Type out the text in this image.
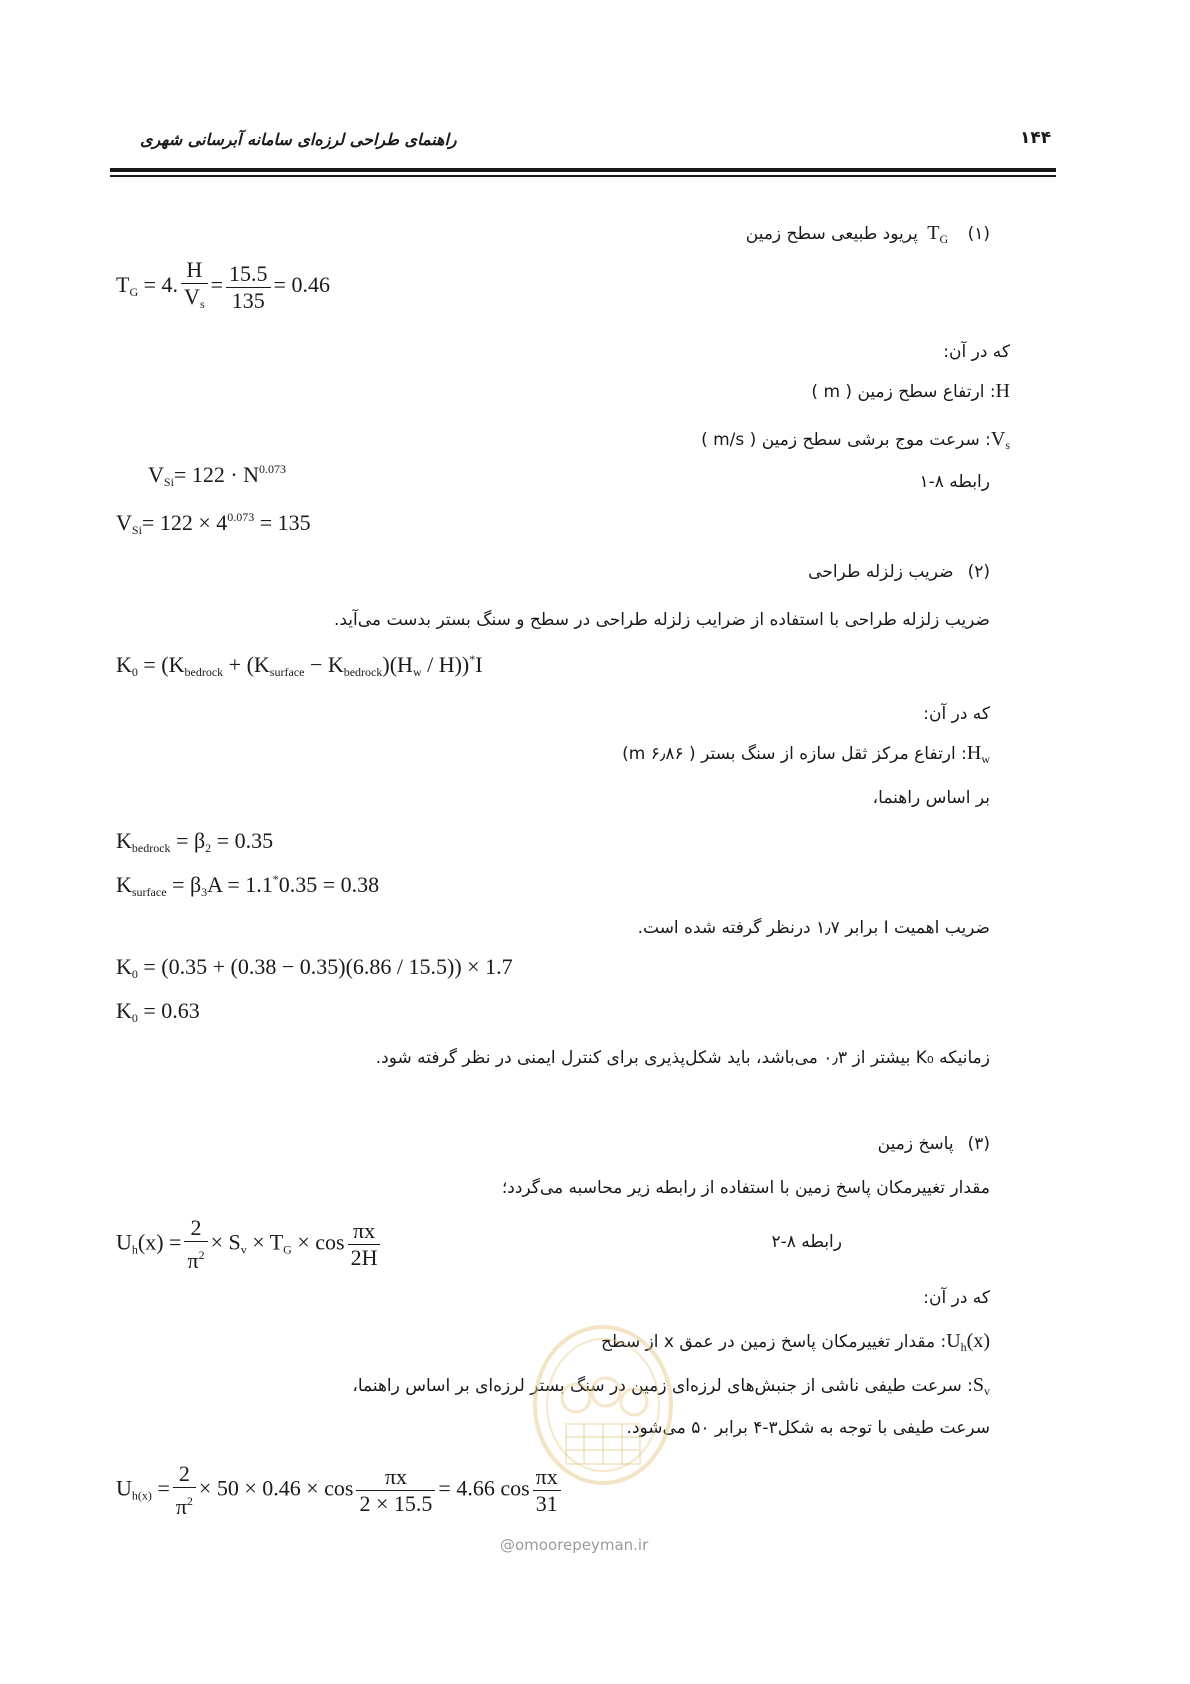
۱۴۴
راهنمای طراحی لرزه‌ای سامانه آبرسانی شهری
(۱) $T_G$ پریود طبیعی سطح زمین
$T_G = 4$. $\frac{H}{V_s} = \frac{15.5}{135} = 0.46$
که در آن:
H: ارتفاع سطح زمین ( m )
$V_s$: سرعت موج برشی سطح زمین ( m/s )
$V_{Si}= 122 \cdot N^{0.073}$
رابطه ۸-۱
$V_{Si}= 122 \times 4^{0.073} = 135$
(۲)ضریب زلزله طراحی
ضریب زلزله طراحی با استفاده از ضرایب زلزله طراحی در سطح و سنگ بستر بدست می‌آید.
$K_0 = (K_{bedrock} + (K_{surface} - K_{bedrock})(H_w / H))^*I$
که در آن:
$H_w$: ارتفاع مرکز ثقل سازه از سنگ بستر ( ۶٫۸۶ m)
بر اساس راهنما،
$K_{bedrock} = \beta_2 = 0.35$
$K_{surface} = \beta_3A = 1.1^*0.35 = 0.38$
ضریب اهمیت I برابر ۱٫۷ درنظر گرفته شده است.
$K_0 = (0.35 + (0.38 - 0.35)(6.86 / 15.5)) \times 1.7$
$K_0 = 0.63$
زمانیکه K₀ بیشتر از ۰٫۳ می‌باشد، باید شکل‌پذیری برای کنترل ایمنی در نظر گرفته شود.
(۳)پاسخ زمین
مقدار تغییرمکان پاسخ زمین با استفاده از رابطه زیر محاسبه می‌گردد؛
$U_h(x) = \frac{2}{\pi^2} \times S_v \times T_G \times \cos \frac{\pi x}{2H}$	رابطه ۸-۲
که در آن:
$U_h(x)$: مقدار تغییرمکان پاسخ زمین در عمق x از سطح
$S_v$: سرعت طیفی ناشی از جنبش‌های لرزه‌ای زمین در سنگ بستر لرزه‌ای بر اساس راهنما،
سرعت طیفی با توجه به شکل۳-۴ برابر ۵۰ می‌شود.
$U_{h(x)} = \frac{2}{\pi^2} \times 50 \times 0.46 \times \cos \frac{\pi x}{2 \times 15.5} = 4.66$ $\cos \frac{\pi x}{31}$
@omoorepeyman.ir
